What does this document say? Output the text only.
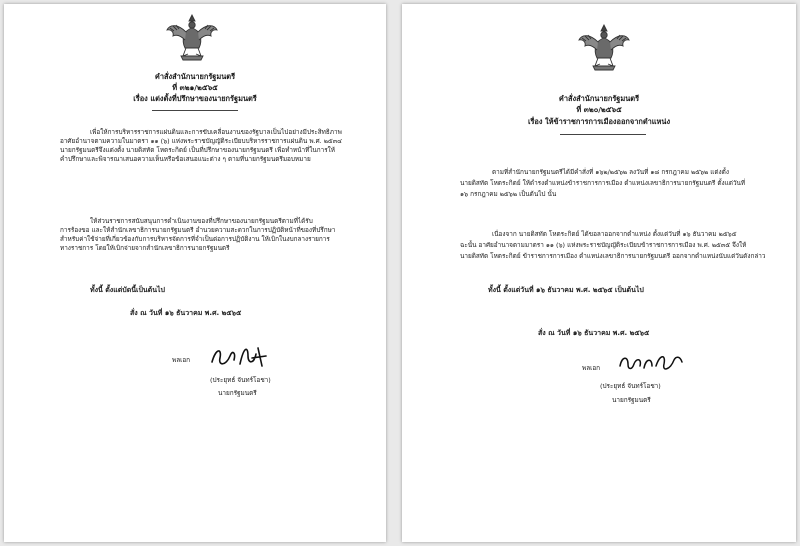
คำสั่งสำนักนายกรัฐมนตรี
ที่ ๓๒๑/๒๕๖๕
เรื่อง แต่งตั้งที่ปรึกษาของนายกรัฐมนตรี
เพื่อให้การบริหารราชการแผ่นดินและการขับเคลื่อนงานของรัฐบาลเป็นไปอย่างมีประสิทธิภาพ
อาศัยอำนาจตามความในมาตรา ๑๑ (๖) แห่งพระราชบัญญัติระเบียบบริหารราชการแผ่นดิน พ.ศ. ๒๕๓๔
นายกรัฐมนตรีจึงแต่งตั้ง นายดิสทัต โหตระกิตย์ เป็นที่ปรึกษาของนายกรัฐมนตรี เพื่อทำหน้าที่ในการให้
คำปรึกษาและพิจารณาเสนอความเห็นหรือข้อเสนอแนะต่าง ๆ ตามที่นายกรัฐมนตรีมอบหมาย
ให้ส่วนราชการสนับสนุนการดำเนินงานของที่ปรึกษาของนายกรัฐมนตรีตามที่ได้รับ
การร้องขอ และให้สำนักเลขาธิการนายกรัฐมนตรี อำนวยความสะดวกในการปฏิบัติหน้าที่ของที่ปรึกษา
สำหรับค่าใช้จ่ายที่เกี่ยวข้องกับการบริหารจัดการที่จำเป็นต่อการปฏิบัติงาน ให้เบิกในงบกลางรายการ
ทางราชการ โดยให้เบิกจ่ายจากสำนักเลขาธิการนายกรัฐมนตรี
ทั้งนี้ ตั้งแต่บัดนี้เป็นต้นไป
สั่ง ณ วันที่ ๑๖ ธันวาคม พ.ศ. ๒๕๖๕
พลเอก
(ประยุทธ์ จันทร์โอชา)
นายกรัฐมนตรี
คำสั่งสำนักนายกรัฐมนตรี
ที่ ๓๒๐/๒๕๖๕
เรื่อง ให้ข้าราชการการเมืองออกจากตำแหน่ง
ตามที่สำนักนายกรัฐมนตรีได้มีคำสั่งที่ ๑๖๒/๒๕๖๒ ลงวันที่ ๑๘ กรกฎาคม ๒๕๖๒ แต่งตั้ง
นายดิสทัต โหตระกิตย์ ให้ดำรงตำแหน่งข้าราชการการเมือง ตำแหน่งเลขาธิการนายกรัฐมนตรี ตั้งแต่วันที่
๑๖ กรกฎาคม ๒๕๖๒ เป็นต้นไป นั้น
เนื่องจาก นายดิสทัต โหตระกิตย์ ได้ขอลาออกจากตำแหน่ง ตั้งแต่วันที่ ๑๖ ธันวาคม ๒๕๖๕
ฉะนั้น อาศัยอำนาจตามมาตรา ๑๑ (๖) แห่งพระราชบัญญัติระเบียบข้าราชการการเมือง พ.ศ. ๒๕๓๕ จึงให้
นายดิสทัต โหตระกิตย์ ข้าราชการการเมือง ตำแหน่งเลขาธิการนายกรัฐมนตรี ออกจากตำแหน่งนับแต่วันดังกล่าว
ทั้งนี้ ตั้งแต่วันที่ ๑๖ ธันวาคม พ.ศ. ๒๕๖๕ เป็นต้นไป
สั่ง ณ วันที่ ๑๖ ธันวาคม พ.ศ. ๒๕๖๕
พลเอก
(ประยุทธ์ จันทร์โอชา)
นายกรัฐมนตรี
